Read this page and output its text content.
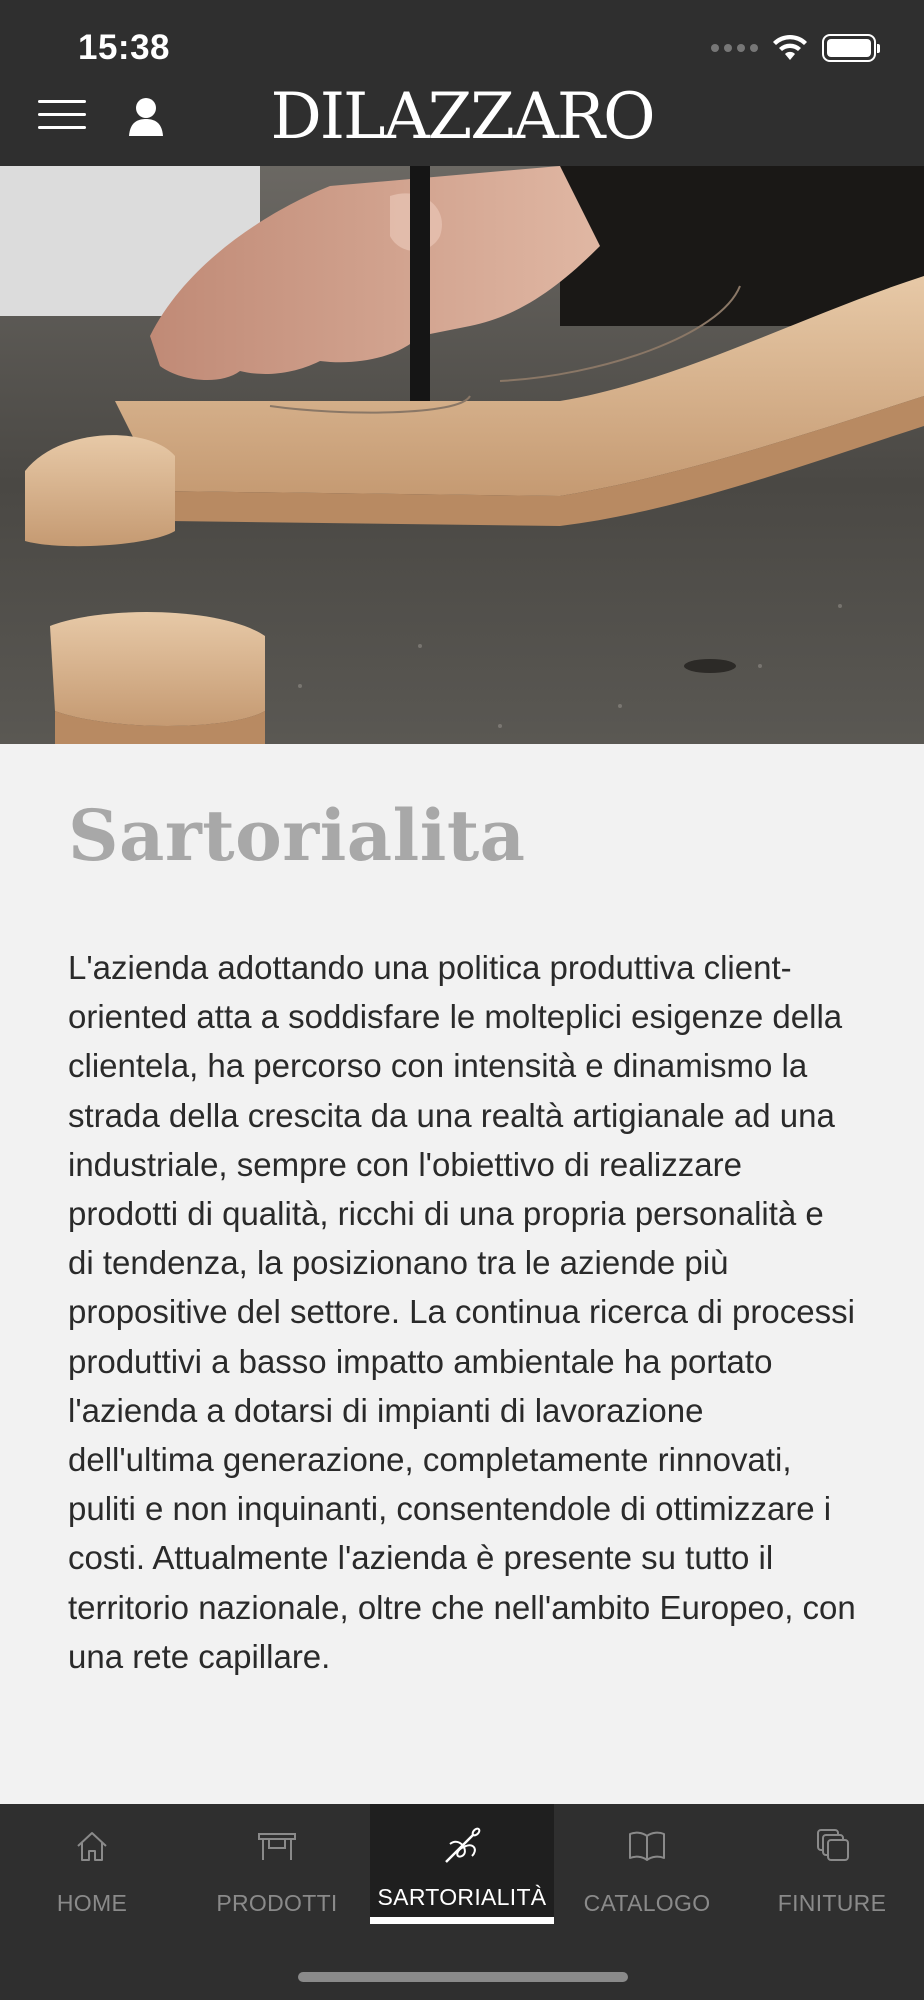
15:38
DILAZZARO
Sartorialita

L'azienda adottando una politica produttiva client-oriented atta a soddisfare le molteplici esigenze della clientela, ha percorso con intensità e dinamismo la strada della crescita da una realtà artigianale ad una industriale, sempre con l'obiettivo di realizzare prodotti di qualità, ricchi di una propria personalità e di tendenza, la posizionano tra le aziende più propositive del settore. La continua ricerca di processi produttivi a basso impatto ambientale ha portato l'azienda a dotarsi di impianti di lavorazione dell'ultima generazione, completamente rinnovati, puliti e non inquinanti, consentendole di ottimizzare i costi. Attualmente l'azienda è presente su tutto il territorio nazionale, oltre che nell'ambito Europeo, con una rete capillare.

HOME	PRODOTTI	SARTORIALITÀ	CATALOGO	FINITURE
